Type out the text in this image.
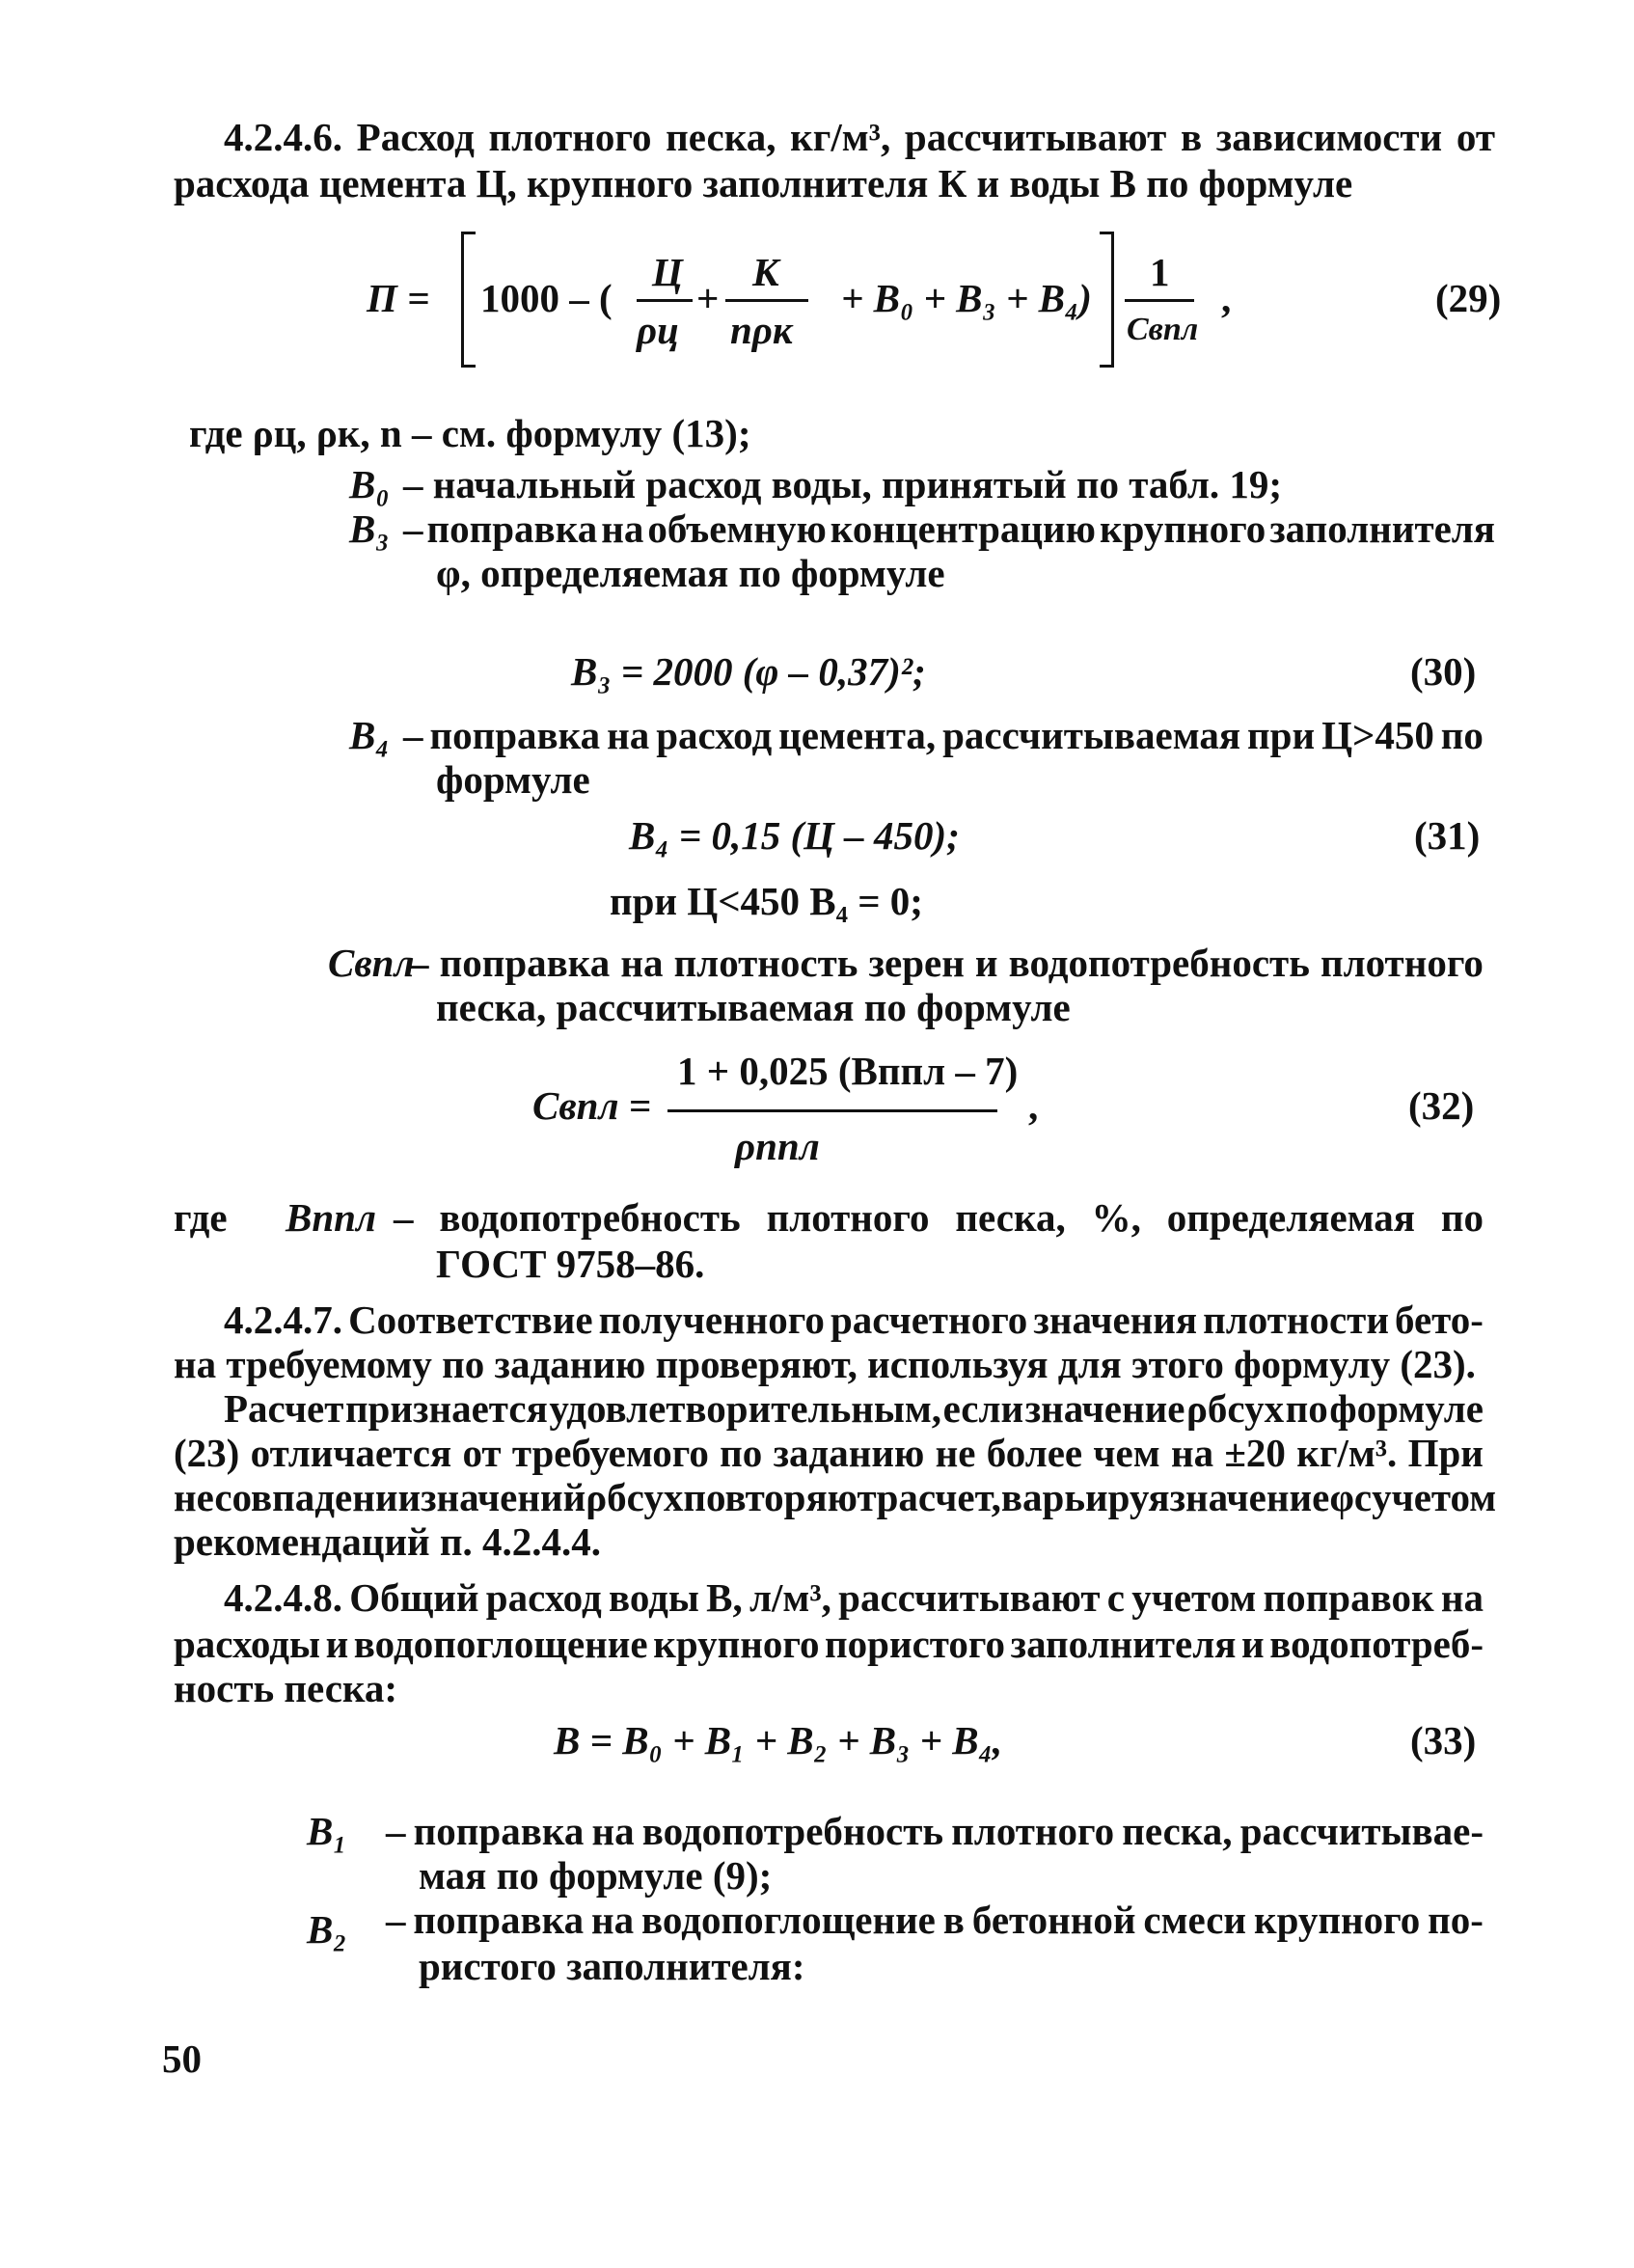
4.2.4.6. Расход плотного песка, кг/м³, рассчитывают в зависимости от
расхода цемента Ц, крупного заполнителя К и воды В по формуле
П = 1000 – (
Ц
ρц
+
К
nρк
+ В₀ + В₃ + В₄)
1
Cвпл
,	(29)
где ρц, ρк, n – см. формулу (13);
В₀ – начальный расход воды, принятый по табл. 19;
В₃ – поправка на объемную концентрацию крупного заполнителя
φ, определяемая по формуле
В₃ = 2000 (φ – 0,37)²;	(30)
В₄ – поправка на расход цемента, рассчитываемая при Ц>450 по
формуле
В₄ = 0,15 (Ц – 450);	(31)
при Ц<450 В₄ = 0;
Cвпл
– поправка на плотность зерен и водопотребность плотного
песка, рассчитываемая по формуле
Cвпл =
1 + 0,025 (Bппл – 7)
ρппл
,	(32)
где Bппл – водопотребность плотного песка, %, определяемая по
ГОСТ 9758–86.
4.2.4.7. Соответствие полученного расчетного значения плотности бето-
на требуемому по заданию проверяют, используя для этого формулу (23).
Расчет признается удовлетворительным, если значение ρбсух по формуле
(23) отличается от требуемого по заданию не более чем на ±20 кг/м³. При
несовпадении значений ρбсух повторяют расчет, варьируя значение φ с учетом
рекомендаций п. 4.2.4.4.
4.2.4.8. Общий расход воды В, л/м³, рассчитывают с учетом поправок на
расходы и водопоглощение крупного пористого заполнителя и водопотреб-
ность песка:
В = В₀ + В₁ + В₂ + В₃ + В₄,	(33)
В₁ – поправка на водопотребность плотного песка, рассчитывае-
мая по формуле (9);
В₂ – поправка на водопоглощение в бетонной смеси крупного по-
ристого заполнителя:
50
